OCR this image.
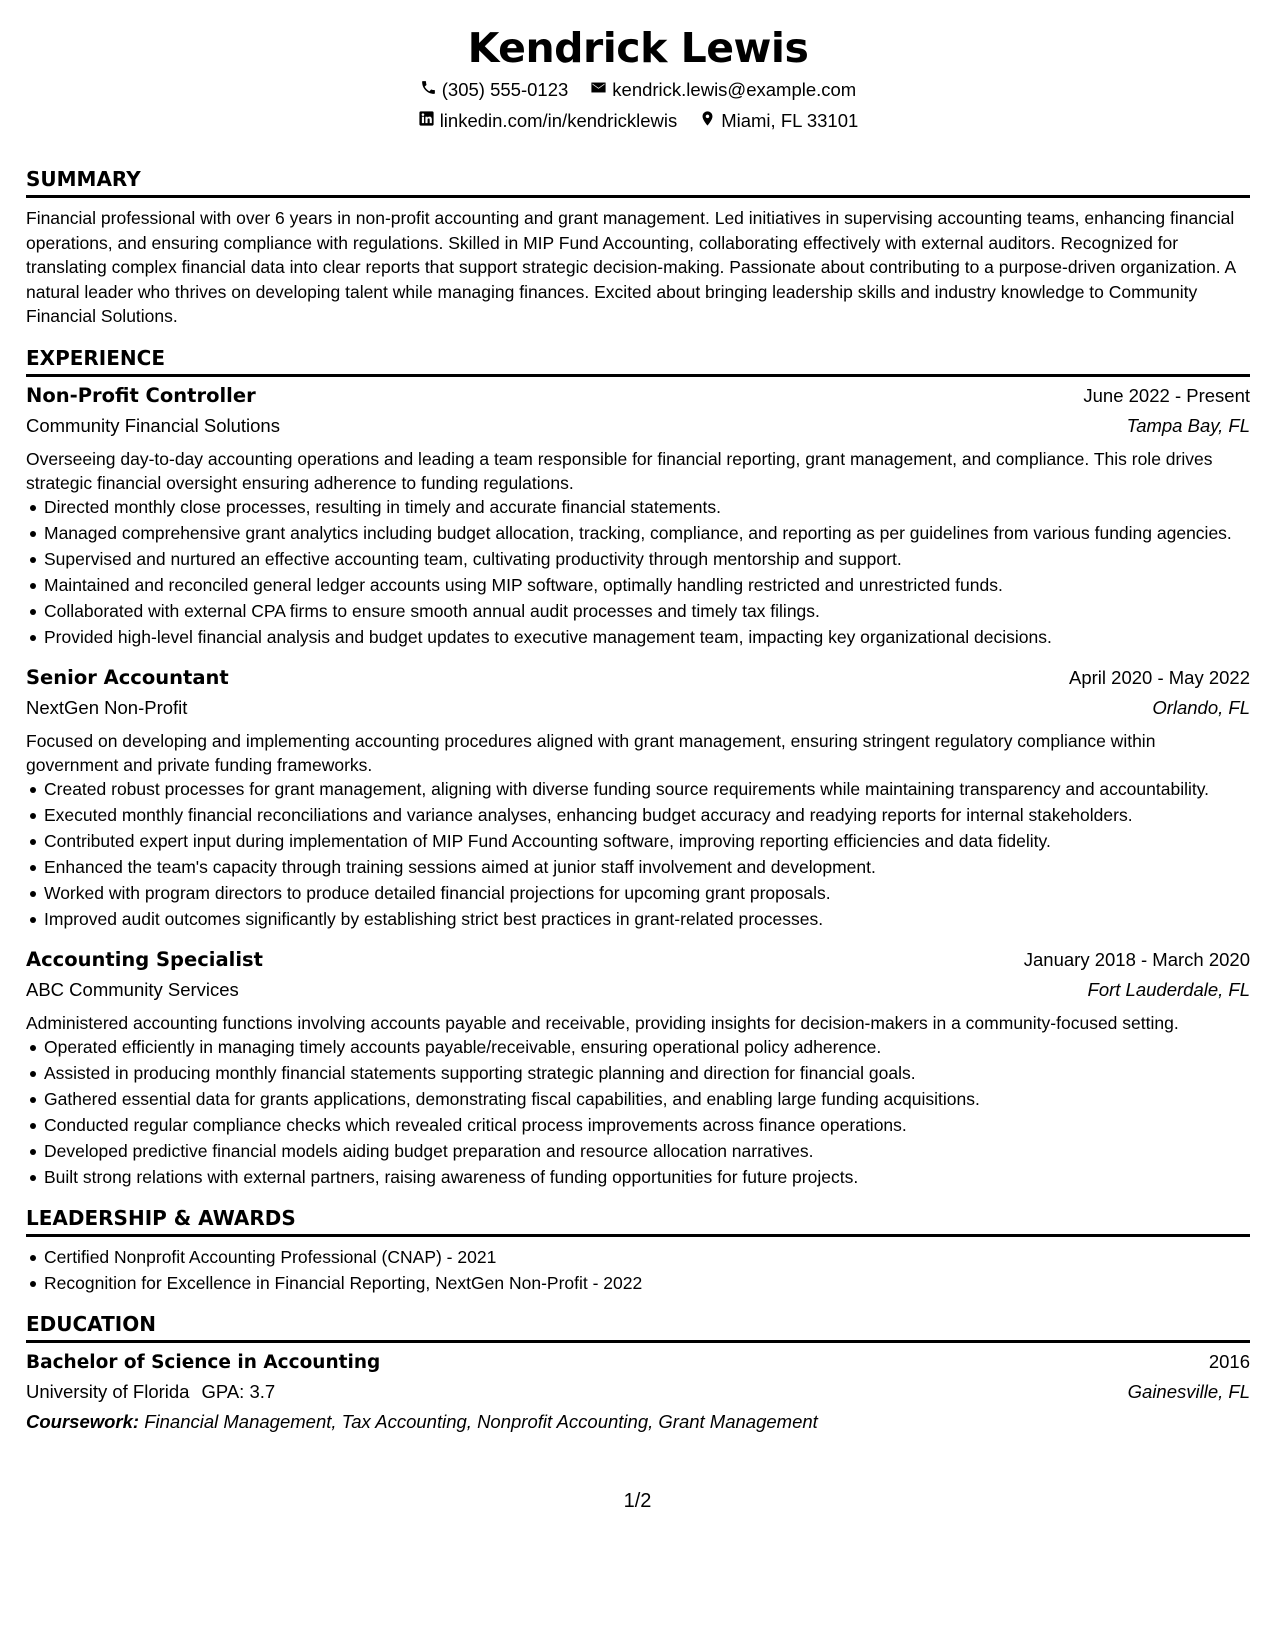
Kendrick Lewis
(305) 555-0123 kendrick.lewis@example.com
linkedin.com/in/kendricklewis Miami, FL 33101
SUMMARY

Financial professional with over 6 years in non-profit accounting and grant management. Led initiatives in supervising accounting teams, enhancing financial operations, and ensuring compliance with regulations. Skilled in MIP Fund Accounting, collaborating effectively with external auditors. Recognized for translating complex financial data into clear reports that support strategic decision-making. Passionate about contributing to a purpose-driven organization. A natural leader who thrives on developing talent while managing finances. Excited about bringing leadership skills and industry knowledge to Community Financial Solutions.

EXPERIENCE
Non-Profit Controller	June 2022 - Present
Community Financial Solutions	Tampa Bay, FL

Overseeing day-to-day accounting operations and leading a team responsible for financial reporting, grant management, and compliance. This role drives strategic financial oversight ensuring adherence to funding regulations.

Directed monthly close processes, resulting in timely and accurate financial statements.
Managed comprehensive grant analytics including budget allocation, tracking, compliance, and reporting as per guidelines from various funding agencies.
Supervised and nurtured an effective accounting team, cultivating productivity through mentorship and support.
Maintained and reconciled general ledger accounts using MIP software, optimally handling restricted and unrestricted funds.
Collaborated with external CPA firms to ensure smooth annual audit processes and timely tax filings.
Provided high-level financial analysis and budget updates to executive management team, impacting key organizational decisions.
Senior Accountant	April 2020 - May 2022
NextGen Non-Profit	Orlando, FL

Focused on developing and implementing accounting procedures aligned with grant management, ensuring stringent regulatory compliance within government and private funding frameworks.

Created robust processes for grant management, aligning with diverse funding source requirements while maintaining transparency and accountability.
Executed monthly financial reconciliations and variance analyses, enhancing budget accuracy and readying reports for internal stakeholders.
Contributed expert input during implementation of MIP Fund Accounting software, improving reporting efficiencies and data fidelity.
Enhanced the team's capacity through training sessions aimed at junior staff involvement and development.
Worked with program directors to produce detailed financial projections for upcoming grant proposals.
Improved audit outcomes significantly by establishing strict best practices in grant-related processes.
Accounting Specialist	January 2018 - March 2020
ABC Community Services	Fort Lauderdale, FL

Administered accounting functions involving accounts payable and receivable, providing insights for decision-makers in a community-focused setting.

Operated efficiently in managing timely accounts payable/receivable, ensuring operational policy adherence.
Assisted in producing monthly financial statements supporting strategic planning and direction for financial goals.
Gathered essential data for grants applications, demonstrating fiscal capabilities, and enabling large funding acquisitions.
Conducted regular compliance checks which revealed critical process improvements across finance operations.
Developed predictive financial models aiding budget preparation and resource allocation narratives.
Built strong relations with external partners, raising awareness of funding opportunities for future projects.
LEADERSHIP & AWARDS
Certified Nonprofit Accounting Professional (CNAP) - 2021
Recognition for Excellence in Financial Reporting, NextGen Non-Profit - 2022
EDUCATION
Bachelor of Science in Accounting	2016
University of Florida GPA: 3.7	Gainesville, FL
Coursework: Financial Management, Tax Accounting, Nonprofit Accounting, Grant Management
1/2
